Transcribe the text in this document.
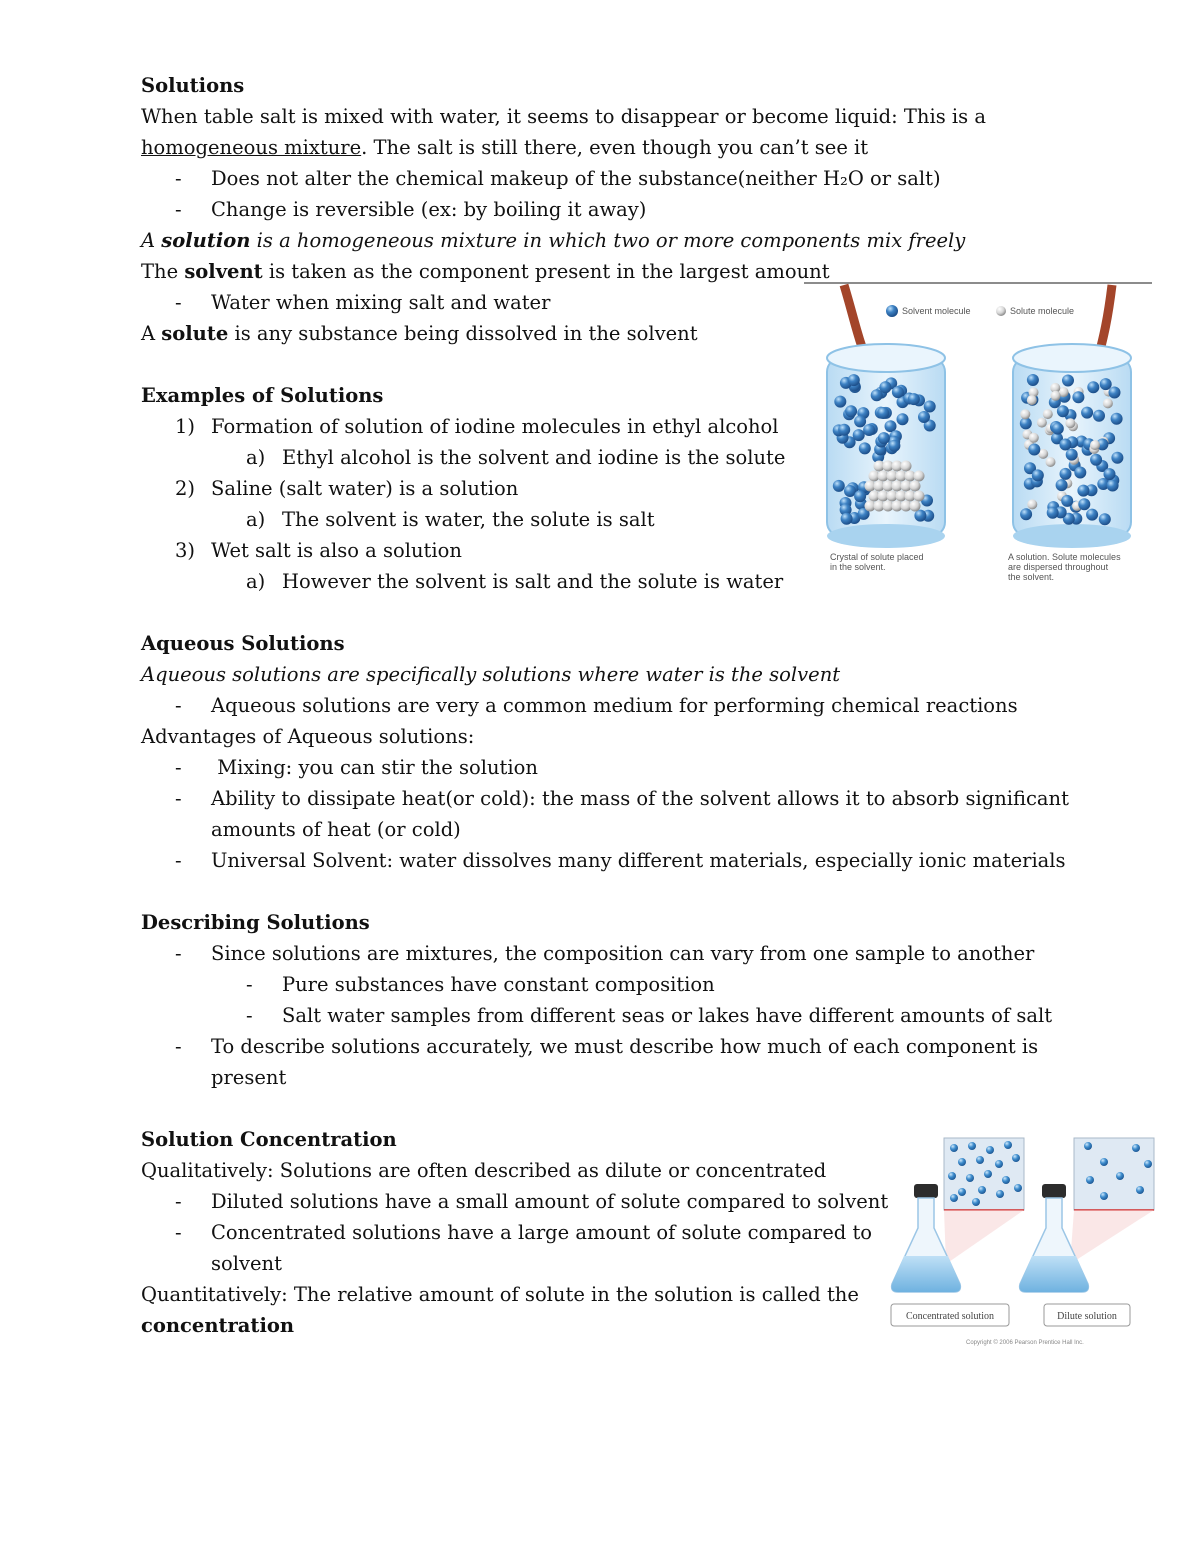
Solutions
When table salt is mixed with water, it seems to disappear or become liquid: This is a
homogeneous mixture. The salt is still there, even though you can’t see it
- Does not alter the chemical makeup of the substance(neither H₂O or salt)
- Change is reversible (ex: by boiling it away)
A solution is a homogeneous mixture in which two or more components mix freely
The solvent is taken as the component present in the largest amount
- Water when mixing salt and water
A solute is any substance being dissolved in the solvent
Examples of Solutions
1) Formation of solution of iodine molecules in ethyl alcohol
a) Ethyl alcohol is the solvent and iodine is the solute
2) Saline (salt water) is a solution
a) The solvent is water, the solute is salt
3) Wet salt is also a solution
a) However the solvent is salt and the solute is water
Aqueous Solutions
Aqueous solutions are specifically solutions where water is the solvent
- Aqueous solutions are very a common medium for performing chemical reactions
Advantages of Aqueous solutions:
- Mixing: you can stir the solution
- Ability to dissipate heat(or cold): the mass of the solvent allows it to absorb significant
amounts of heat (or cold)
- Universal Solvent: water dissolves many different materials, especially ionic materials
Describing Solutions
- Since solutions are mixtures, the composition can vary from one sample to another
- Pure substances have constant composition
- Salt water samples from different seas or lakes have different amounts of salt
- To describe solutions accurately, we must describe how much of each component is
present
Solution Concentration
Qualitatively: Solutions are often described as dilute or concentrated
- Diluted solutions have a small amount of solute compared to solvent
- Concentrated solutions have a large amount of solute compared to
solvent
Quantitatively: The relative amount of solute in the solution is called the
concentration
Solvent molecule	Solute molecule
Crystal of solute placed
in the solvent.
A solution. Solute molecules
are dispersed throughout
the solvent.
Concentrated solution	Dilute solution
Copyright © 2006 Pearson Prentice Hall Inc.
